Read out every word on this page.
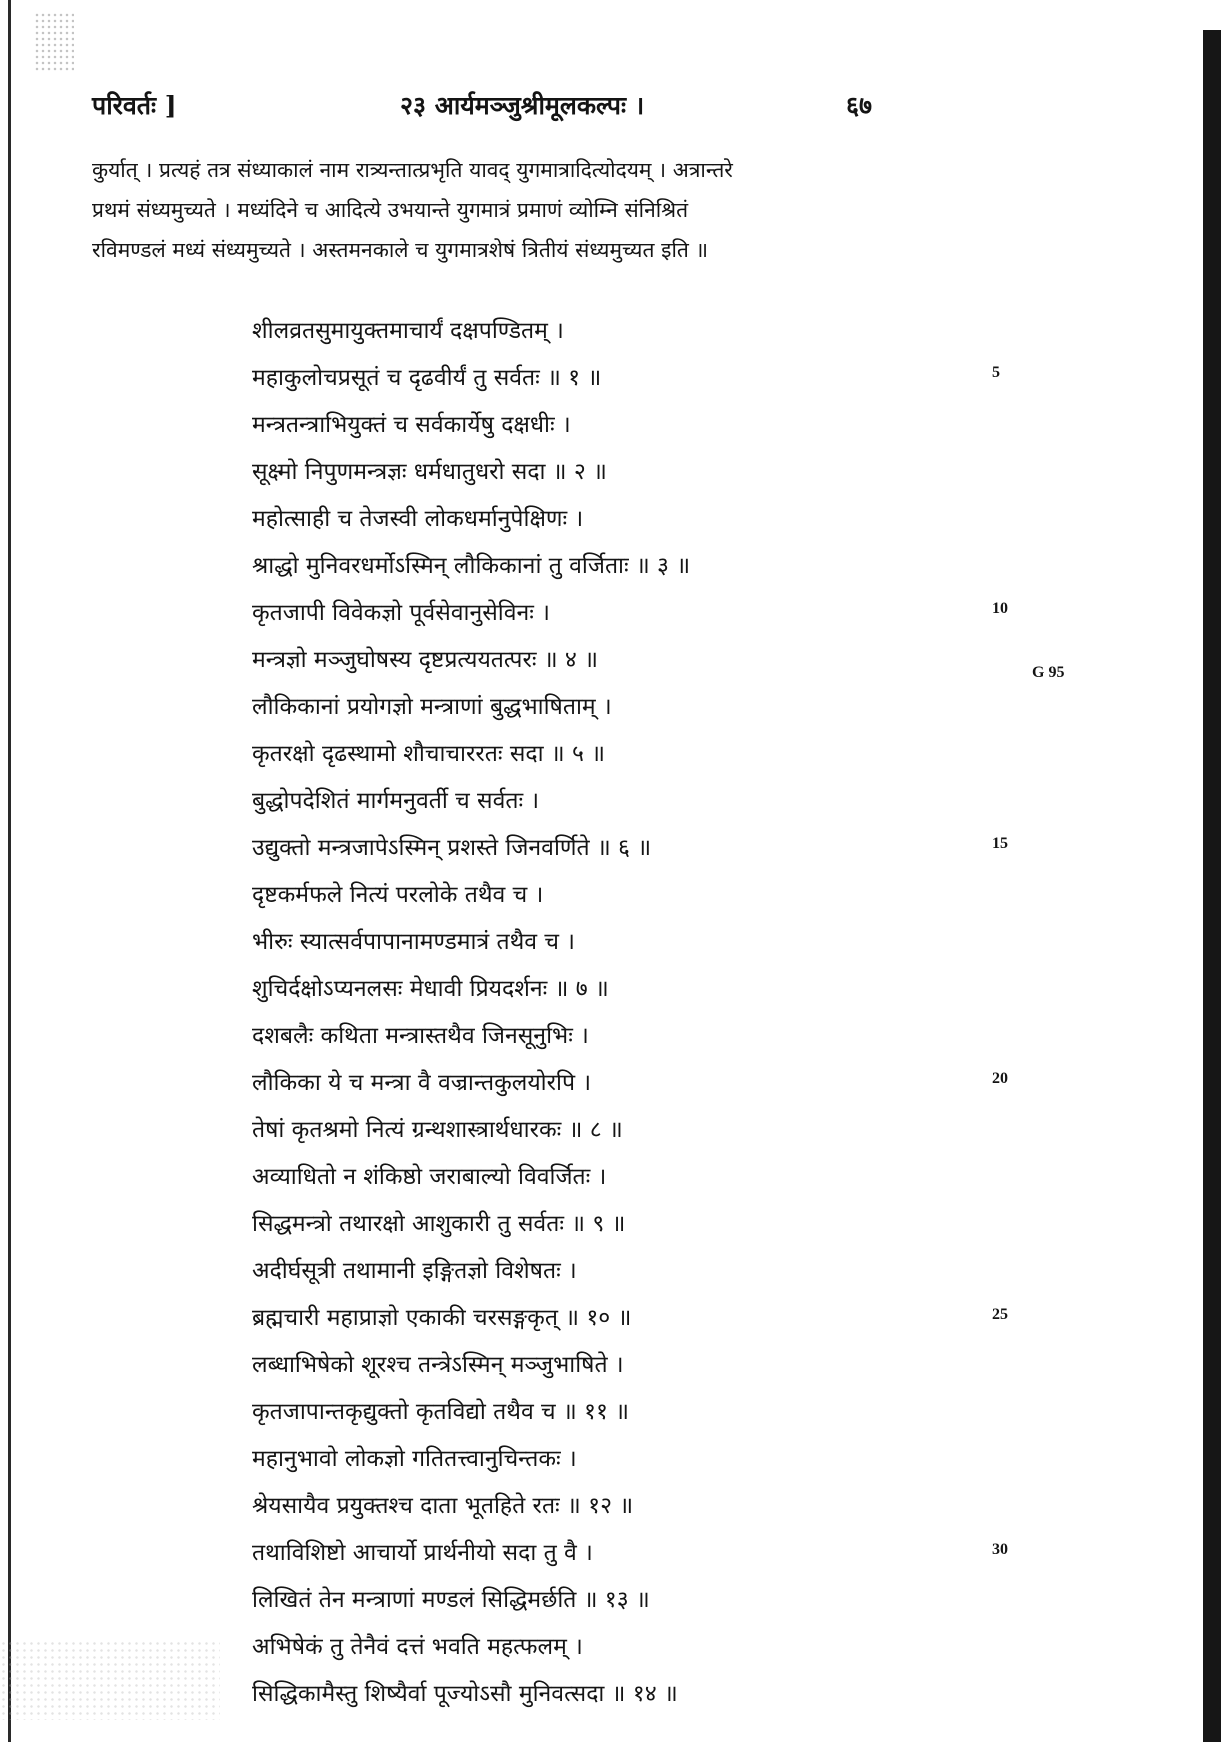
परिवर्तः ]	२३ आर्यमञ्जुश्रीमूलकल्पः ।	६७
कुर्यात् । प्रत्यहं तत्र संध्याकालं नाम रात्र्यन्तात्प्रभृति यावद् युगमात्रादित्योदयम् । अत्रान्तरे
प्रथमं संध्यमुच्यते । मध्यंदिने च आदित्ये उभयान्ते युगमात्रं प्रमाणं व्योम्नि संनिश्रितं
रविमण्डलं मध्यं संध्यमुच्यते । अस्तमनकाले च युगमात्रशेषं त्रितीयं संध्यमुच्यत इति ॥
शीलव्रतसुमायुक्तमाचार्यं दक्षपण्डितम् ।
महाकुलोचप्रसूतं च दृढवीर्यं तु सर्वतः ॥ १ ॥
मन्त्रतन्त्राभियुक्तं च सर्वकार्येषु दक्षधीः ।
सूक्ष्मो निपुणमन्त्रज्ञः धर्मधातुधरो सदा ॥ २ ॥
महोत्साही च तेजस्वी लोकधर्मानुपेक्षिणः ।
श्राद्धो मुनिवरधर्मोऽस्मिन् लौकिकानां तु वर्जिताः ॥ ३ ॥
कृतजापी विवेकज्ञो पूर्वसेवानुसेविनः ।
मन्त्रज्ञो मञ्जुघोषस्य दृष्टप्रत्ययतत्परः ॥ ४ ॥
लौकिकानां प्रयोगज्ञो मन्त्राणां बुद्धभाषिताम् ।
कृतरक्षो दृढस्थामो शौचाचाररतः सदा ॥ ५ ॥
बुद्धोपदेशितं मार्गमनुवर्ती च सर्वतः ।
उद्युक्तो मन्त्रजापेऽस्मिन् प्रशस्ते जिनवर्णिते ॥ ६ ॥
दृष्टकर्मफले नित्यं परलोके तथैव च ।
भीरुः स्यात्सर्वपापानामण्डमात्रं तथैव च ।
शुचिर्दक्षोऽप्यनलसः मेधावी प्रियदर्शनः ॥ ७ ॥
दशबलैः कथिता मन्त्रास्तथैव जिनसूनुभिः ।
लौकिका ये च मन्त्रा वै वज्रान्तकुलयोरपि ।
तेषां कृतश्रमो नित्यं ग्रन्थशास्त्रार्थधारकः ॥ ८ ॥
अव्याधितो न शंकिष्ठो जराबाल्यो विवर्जितः ।
सिद्धमन्त्रो तथारक्षो आशुकारी तु सर्वतः ॥ ९ ॥
अदीर्घसूत्री तथामानी इङ्गितज्ञो विशेषतः ।
ब्रह्मचारी महाप्राज्ञो एकाकी चरसङ्गकृत् ॥ १० ॥
लब्धाभिषेको शूरश्च तन्त्रेऽस्मिन् मञ्जुभाषिते ।
कृतजापान्तकृद्युक्तो कृतविद्यो तथैव च ॥ ११ ॥
महानुभावो लोकज्ञो गतितत्त्वानुचिन्तकः ।
श्रेयसायैव प्रयुक्तश्च दाता भूतहिते रतः ॥ १२ ॥
तथाविशिष्टो आचार्यो प्रार्थनीयो सदा तु वै ।
लिखितं तेन मन्त्राणां मण्डलं सिद्धिमर्छति ॥ १३ ॥
अभिषेकं तु तेनैवं दत्तं भवति महत्फलम् ।
सिद्धिकामैस्तु शिष्यैर्वा पूज्योऽसौ मुनिवत्सदा ॥ १४ ॥
5
10
15
20
25
30
G 95
